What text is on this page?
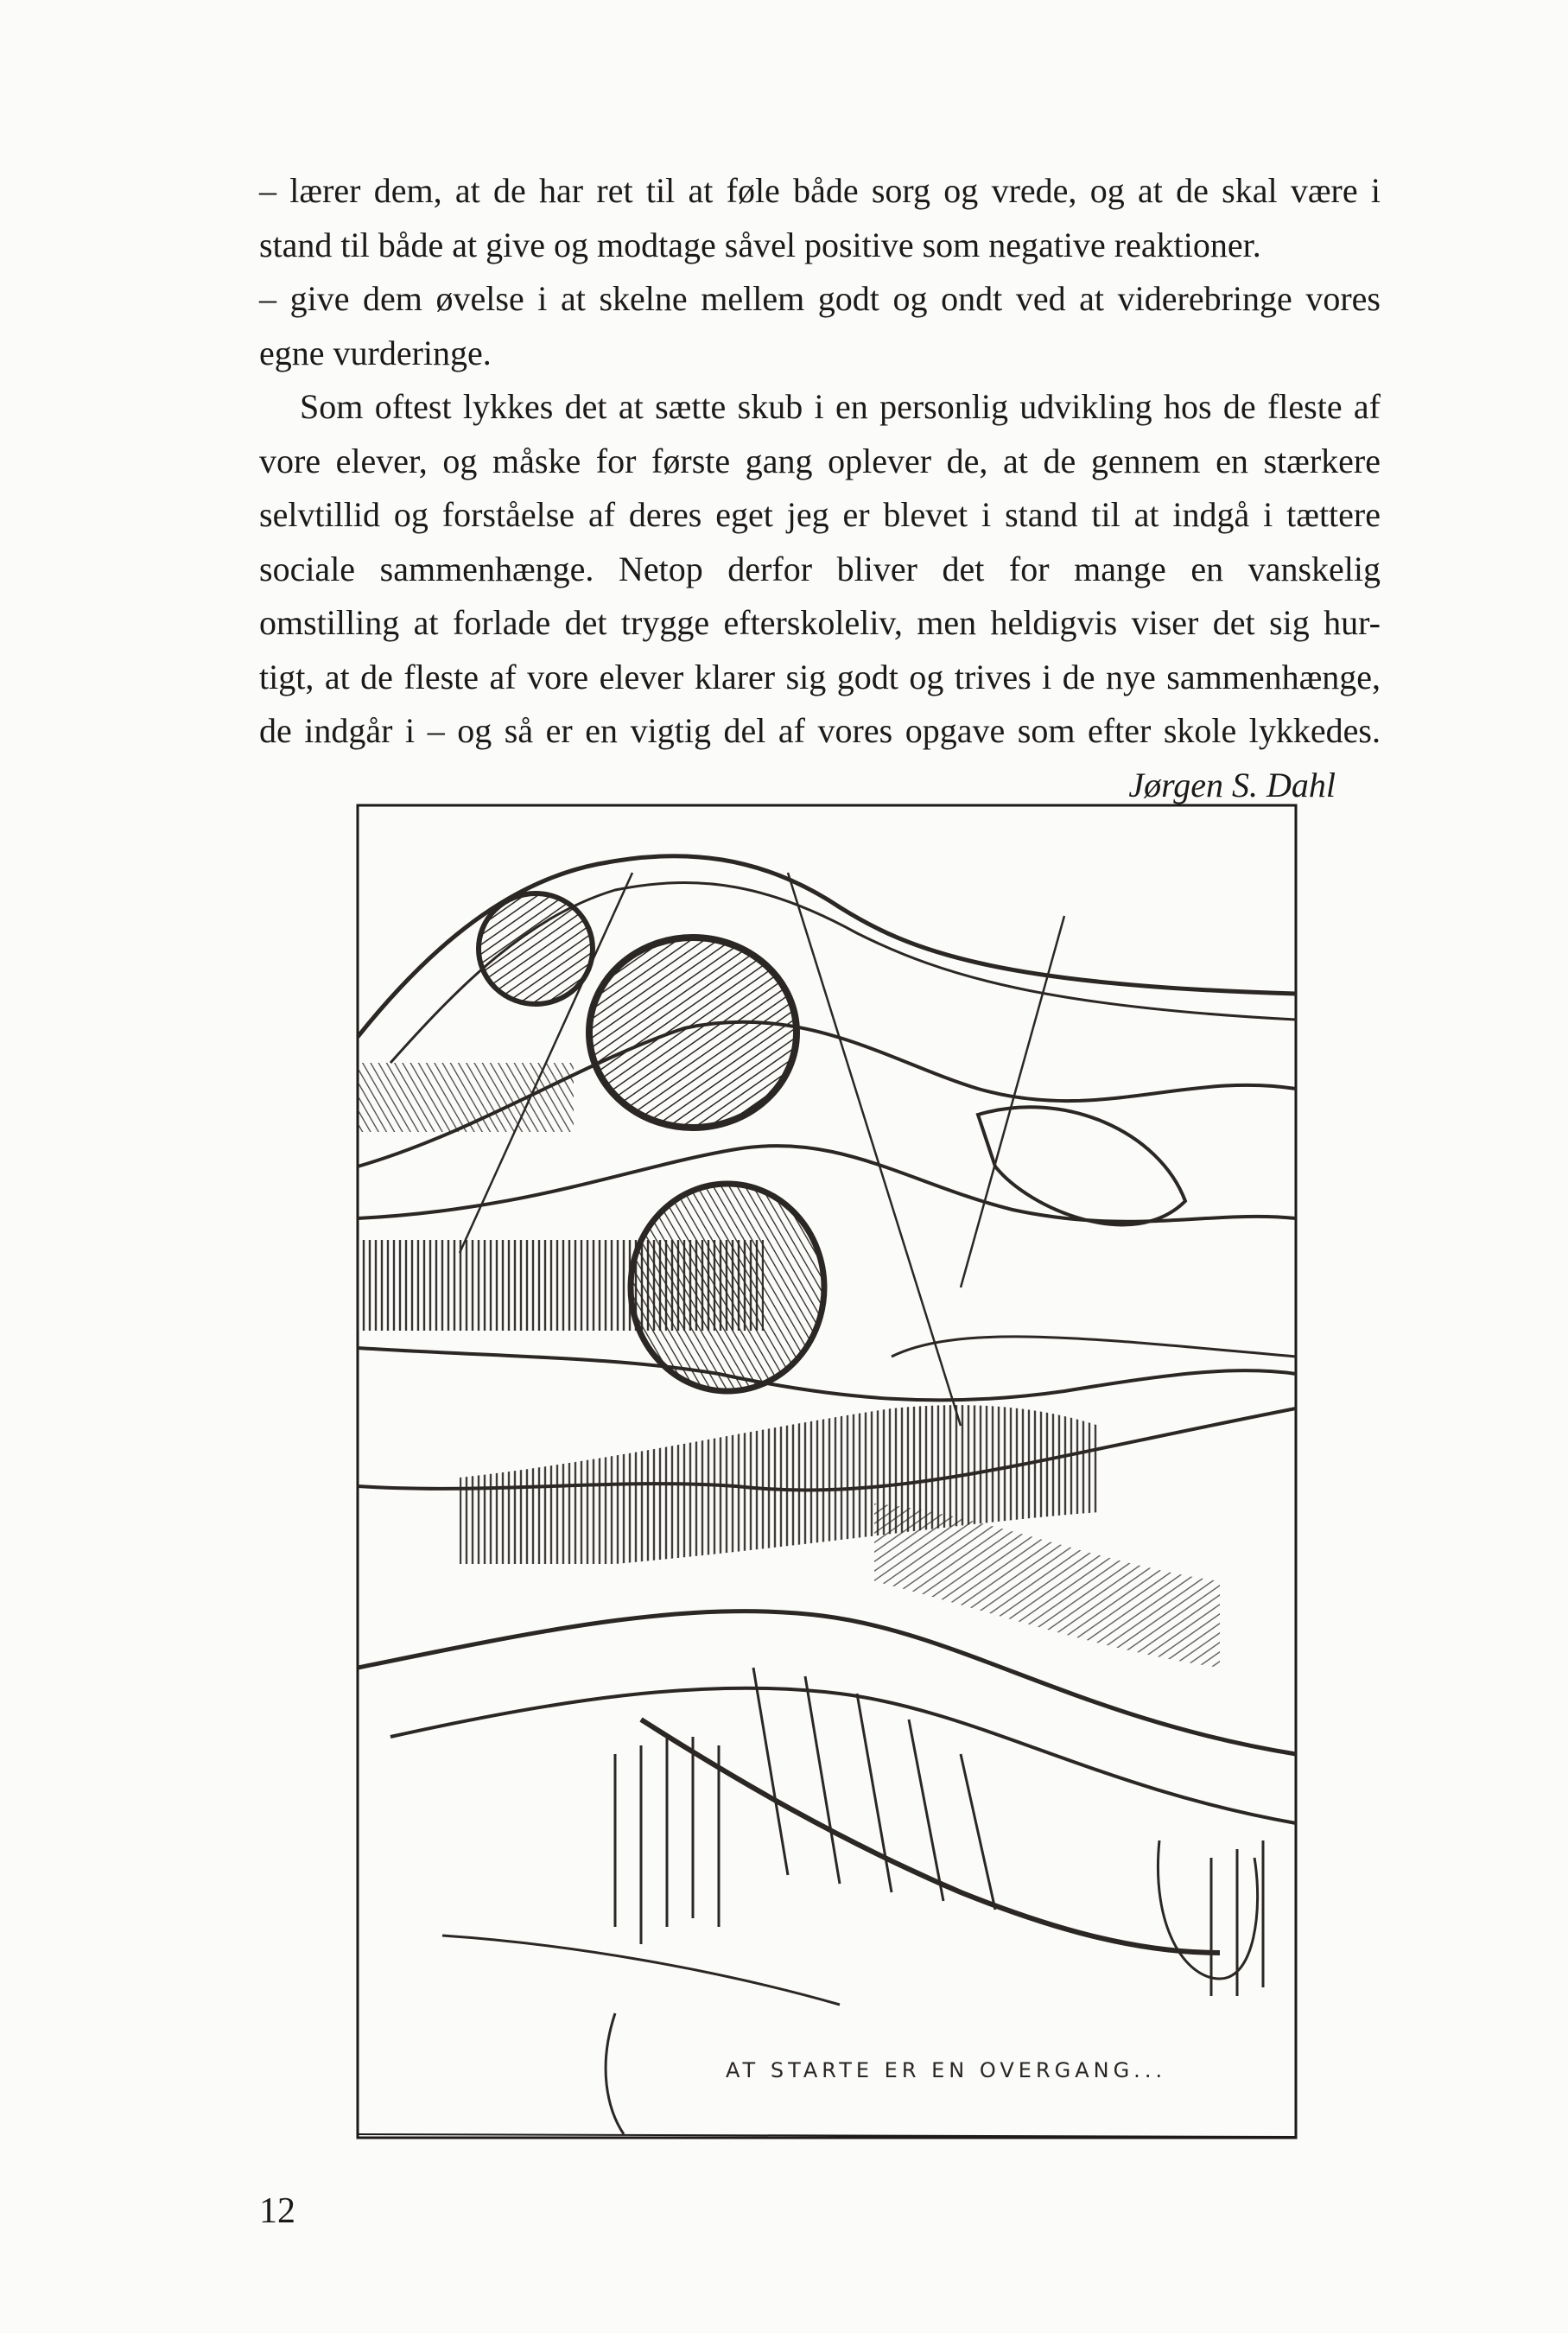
– lærer dem, at de har ret til at føle både sorg og vrede, og at de skal være i
stand til både at give og modtage såvel positive som negative reaktioner.
– give dem øvelse i at skelne mellem godt og ondt ved at viderebringe vores
egne vurderinge.
Som oftest lykkes det at sætte skub i en personlig udvikling hos de fleste af
vore elever, og måske for første gang oplever de, at de gennem en stærkere
selvtillid og forståelse af deres eget jeg er blevet i stand til at indgå i tættere
sociale sammenhænge. Netop derfor bliver det for mange en vanskelig
omstilling at forlade det trygge efterskoleliv, men heldigvis viser det sig hur-
tigt, at de fleste af vore elever klarer sig godt og trives i de nye sammenhænge,
de indgår i – og så er en vigtig del af vores opgave som efter skole lykkedes.
Jørgen S. Dahl
AT STARTE ER EN OVERGANG...
12
